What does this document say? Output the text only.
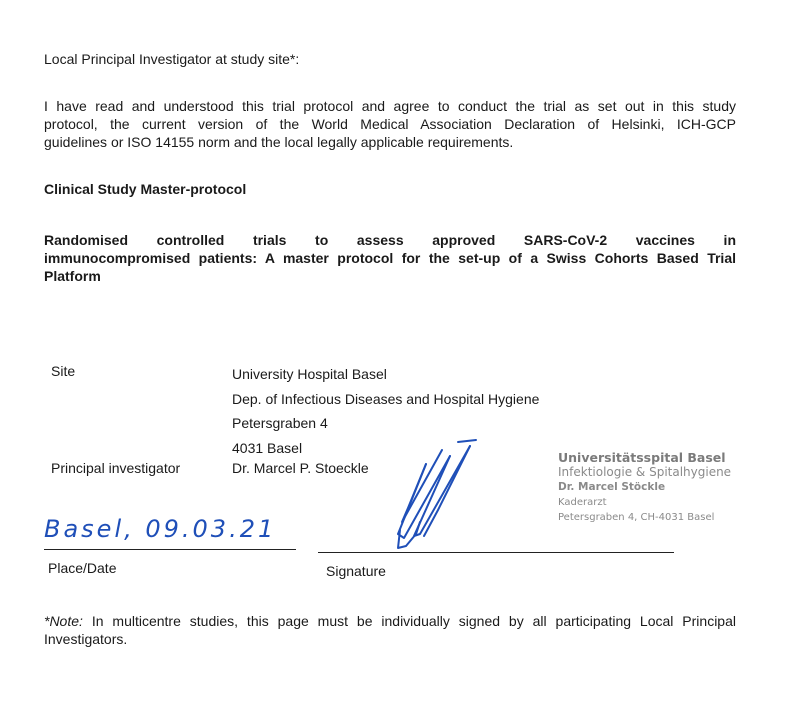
Local Principal Investigator at study site*:
I have read and understood this trial protocol and agree to conduct the trial as set out in this study
protocol, the current version of the World Medical Association Declaration of Helsinki, ICH-GCP
guidelines or ISO 14155 norm and the local legally applicable requirements.
Clinical Study Master-protocol
Randomised controlled trials to assess approved SARS-CoV-2 vaccines in
immunocompromised patients: A master protocol for the set-up of a Swiss Cohorts Based Trial
Platform
Site	University Hospital Basel
Dep. of Infectious Diseases and Hospital Hygiene
Petersgraben 4
4031 Basel
Principal investigator	Dr. Marcel P. Stoeckle
Universitätsspital Basel
Infektiologie & Spitalhygiene
Dr. Marcel Stöckle
Kaderarzt
Petersgraben 4, CH-4031 Basel
Basel, 09.03.21
Place/Date	Signature
*Note: In multicentre studies, this page must be individually signed by all participating Local Principal
Investigators.
